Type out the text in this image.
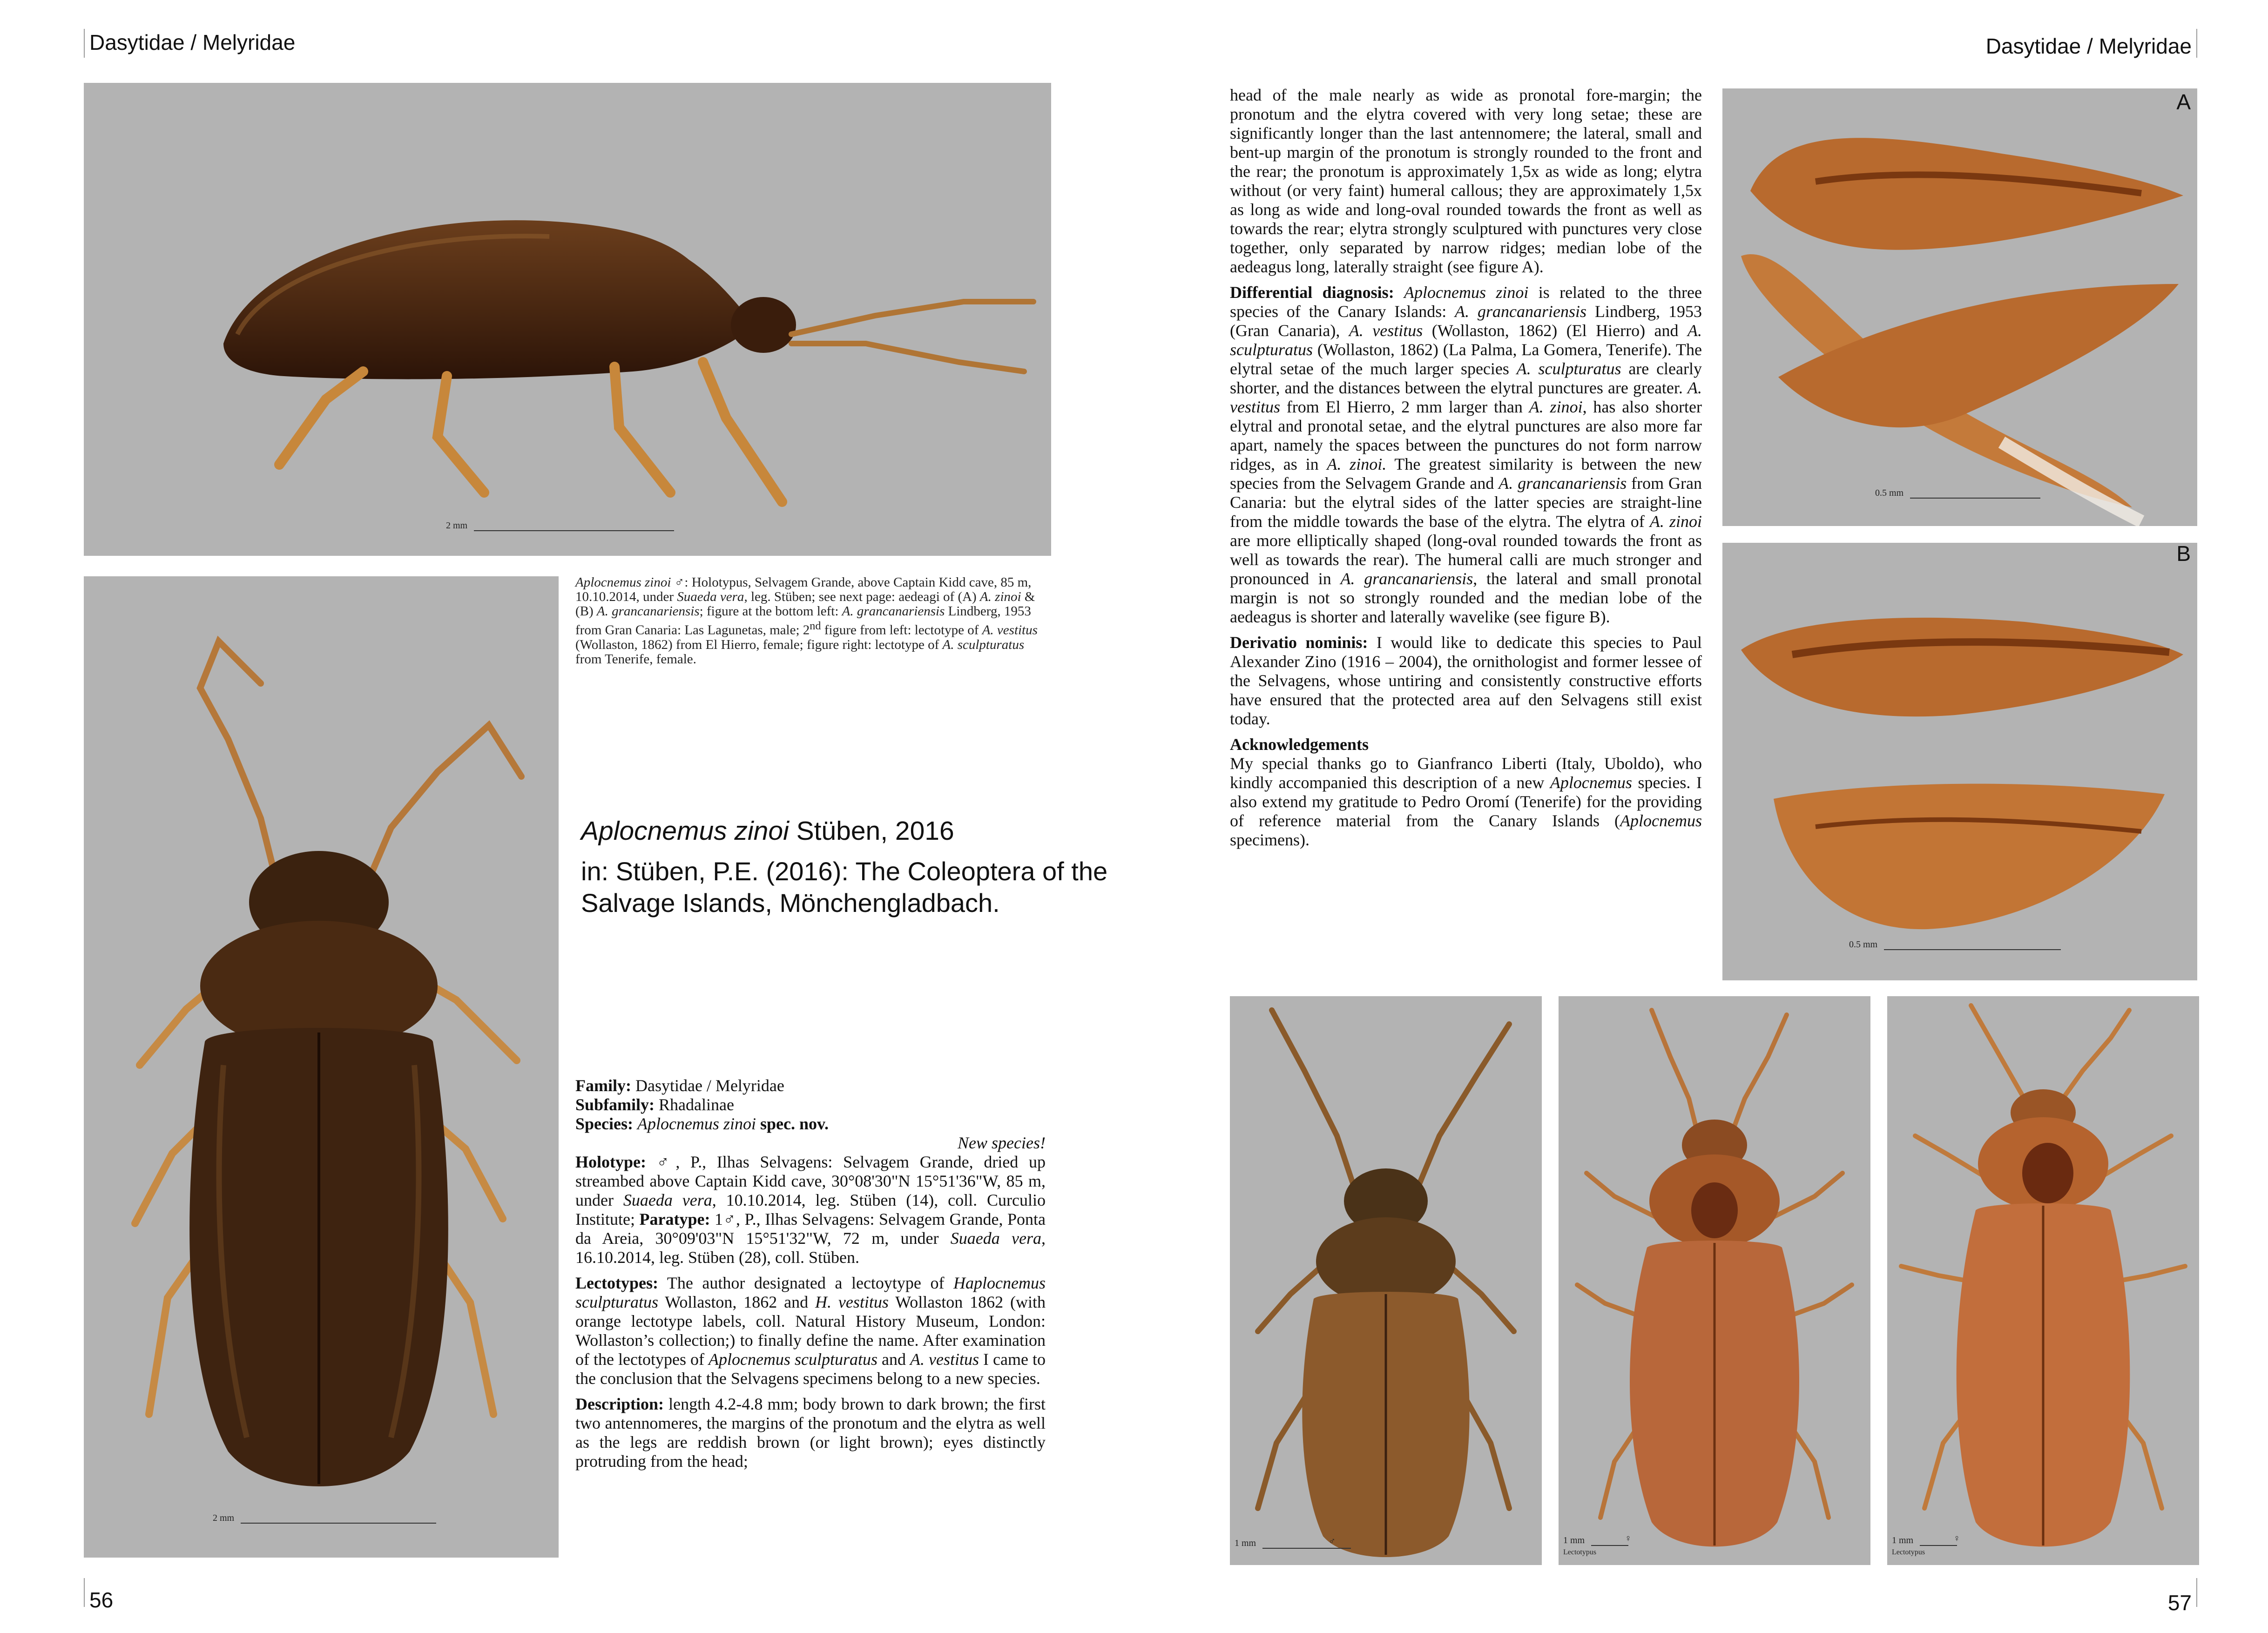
Dasytidae / Melyridae
2 mm
2 mm
Aplocnemus zinoi ♂: Holotypus, Selvagem Grande, above Captain Kidd cave, 85 m, 10.10.2014, under Suaeda vera, leg. Stüben; see next page: aedeagi of (A) A. zinoi & (B) A. grancanariensis; figure at the bottom left: A. grancanariensis Lindberg, 1953 from Gran Canaria: Las Lagunetas, male; 2nd figure from left: lectotype of A. vestitus (Wollaston, 1862) from El Hierro, female; figure right: lectotype of A. sculpturatus from Tenerife, female.
Aplocnemus zinoi Stüben, 2016
in: Stüben, P.E. (2016): The Coleoptera of the Salvage Islands, Mönchengladbach.
Family: Dasytidae / Melyridae
Subfamily: Rhadalinae
Species: Aplocnemus zinoi spec. nov.
New species!

Holotype: ♂, P., Ilhas Selvagens: Selvagem Grande, dried up streambed above Captain Kidd cave, 30°08'30"N 15°51'36"W, 85 m, under Suaeda vera, 10.10.2014, leg. Stüben (14), coll. Curculio Institute; Paratype: 1♂, P., Ilhas Selvagens: Selvagem Grande, Ponta da Areia, 30°09'03"N 15°51'32"W, 72 m, under Suaeda vera, 16.10.2014, leg. Stüben (28), coll. Stüben.

Lectotypes: The author designated a lectoytype of Haplocnemus sculpturatus Wollaston, 1862 and H. vestitus Wollaston 1862 (with orange lectotype labels, coll. Natural History Museum, London: Wollaston’s collection;) to finally define the name. After examination of the lectotypes of Aplocnemus sculpturatus and A. vestitus I came to the conclusion that the Selvagens specimens belong to a new species.

Description: length 4.2-4.8 mm; body brown to dark brown; the first two antennomeres, the margins of the pronotum and the elytra as well as the legs are reddish brown (or light brown); eyes distinctly protruding from the head;

56
Dasytidae / Melyridae

head of the male nearly as wide as pronotal fore-margin; the pronotum and the elytra covered with very long setae; these are significantly longer than the last antennomere; the lateral, small and bent-up margin of the pronotum is strongly rounded to the front and the rear; the pronotum is approximately 1,5x as wide as long; elytra without (or very faint) humeral callous; they are approximately 1,5x as long as wide and long-oval rounded towards the front as well as towards the rear; elytra strongly sculptured with punctures very close together, only separated by narrow ridges; median lobe of the aedeagus long, laterally straight (see figure A).

Differential diagnosis: Aplocnemus zinoi is related to the three species of the Canary Islands: A. grancanariensis Lindberg, 1953 (Gran Canaria), A. vestitus (Wollaston, 1862) (El Hierro) and A. sculpturatus (Wollaston, 1862) (La Palma, La Gomera, Tenerife). The elytral setae of the much larger species A. sculpturatus are clearly shorter, and the distances between the elytral punctures are greater. A. vestitus from El Hierro, 2 mm larger than A. zinoi, has also shorter elytral and pronotal setae, and the elytral punctures are also more far apart, namely the spaces between the punctures do not form narrow ridges, as in A. zinoi. The greatest similarity is between the new species from the Selvagem Grande and A. grancanariensis from Gran Canaria: but the elytral sides of the latter species are straight-line from the middle towards the base of the elytra. The elytra of A. zinoi are more elliptically shaped (long-oval rounded towards the front as well as towards the rear). The humeral calli are much stronger and pronounced in A. grancanariensis, the lateral and small pronotal margin is not so strongly rounded and the median lobe of the aedeagus is shorter and laterally wavelike (see figure B).

Derivatio nominis: I would like to dedicate this species to Paul Alexander Zino (1916 – 2004), the ornithologist and former lessee of the Selvagens, whose untiring and consistently constructive efforts have ensured that the protected area auf den Selvagens still exist today.

Acknowledgements

My special thanks go to Gianfranco Liberti (Italy, Uboldo), who kindly accompanied this description of a new Aplocnemus species. I also extend my gratitude to Pedro Oromí (Tenerife) for the providing of reference material from the Canary Islands (Aplocnemus specimens).

A
0.5 mm
B
0.5 mm
1 mm	♂	1 mm	♀
Lectotypus
1 mm	♀
Lectotypus
57
